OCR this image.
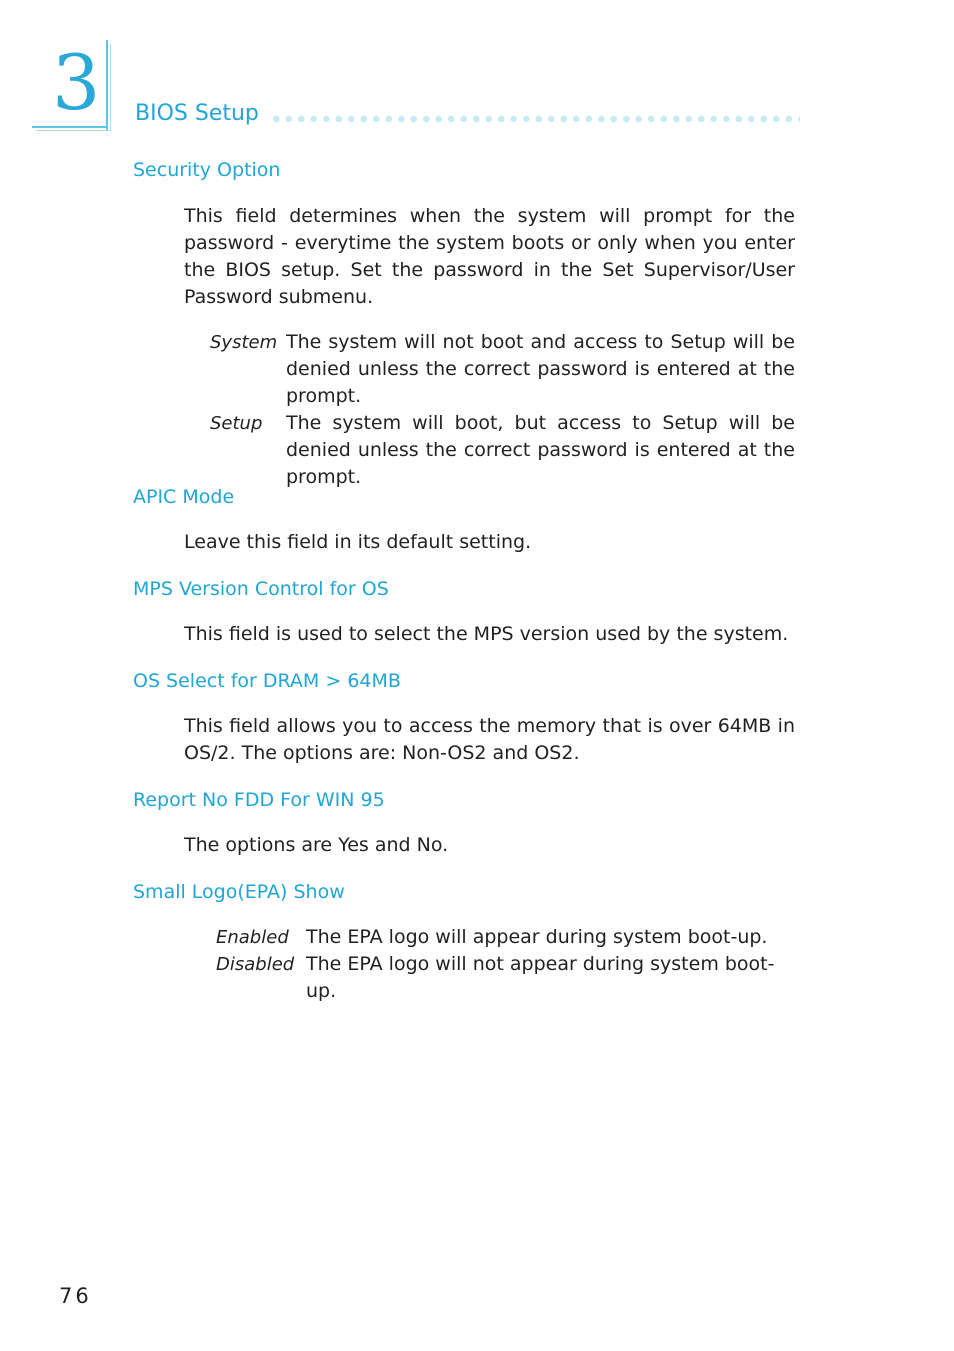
3 BIOS Setup
Security Option

This field determines when the system will prompt for the password - everytime the system boots or only when you enter the BIOS setup. Set the password in the Set Supervisor/User Password submenu.

System The system will not boot and access to Setup will be denied unless the correct password is entered at the prompt.

Setup The system will boot, but access to Setup will be denied unless the correct password is entered at the prompt.

APIC Mode

Leave this field in its default setting.

MPS Version Control for OS

This field is used to select the MPS version used by the system.

OS Select for DRAM > 64MB

This field allows you to access the memory that is over 64MB in OS/2. The options are: Non-OS2 and OS2.

Report No FDD For WIN 95

The options are Yes and No.

Small Logo(EPA) Show
Enabled The EPA logo will appear during system boot-up.

Disabled The EPA logo will not appear during system boot-up.

76
